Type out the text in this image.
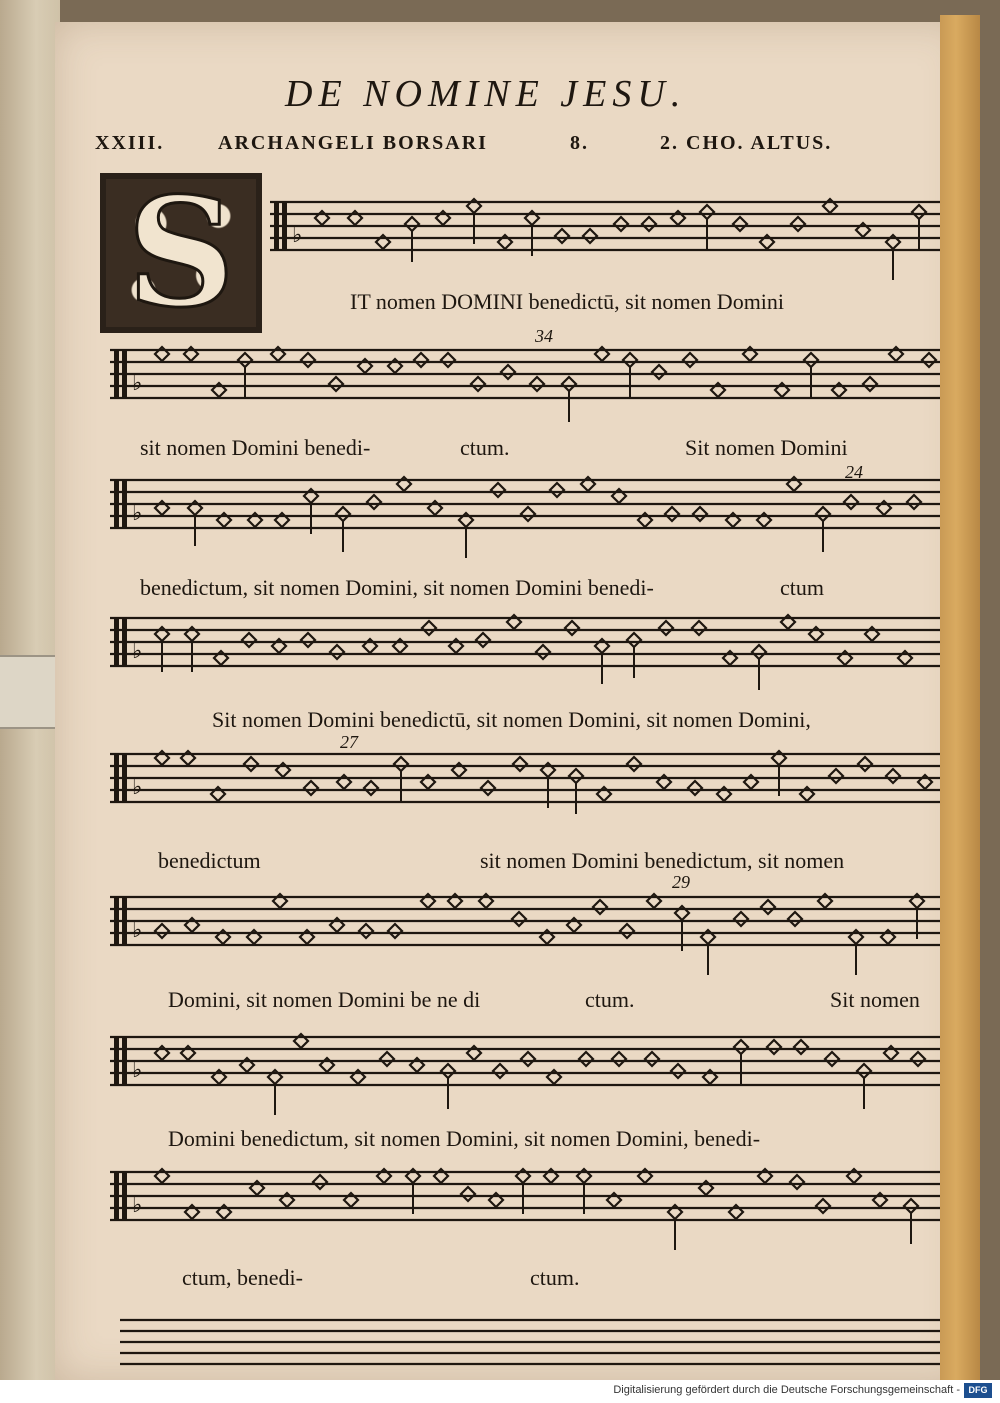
DE NOMINE JESU.
XXIII.	ARCHANGELI BORSARI	8.	2. CHO. ALTUS.
S	♭
♭
♭
♭
♭
♭
♭
♭
34
24
27
29
IT nomen DOMINI benedictū, sit nomen Domini
sit nomen Domini benedi-	ctum.	Sit nomen Domini
benedictum, sit nomen Domini, sit nomen Domini benedi-	ctum
Sit nomen Domini benedictū, sit nomen Domini, sit nomen Domini,
benedictum	sit nomen Domini benedictum, sit nomen
Domini, sit nomen Domini be ne di	ctum.	Sit nomen
Domini benedictum, sit nomen Domini, sit nomen Domini, benedi-
ctum, benedi-	ctum.
Digitalisierung gefördert durch die Deutsche Forschungsgemeinschaft - DFG
